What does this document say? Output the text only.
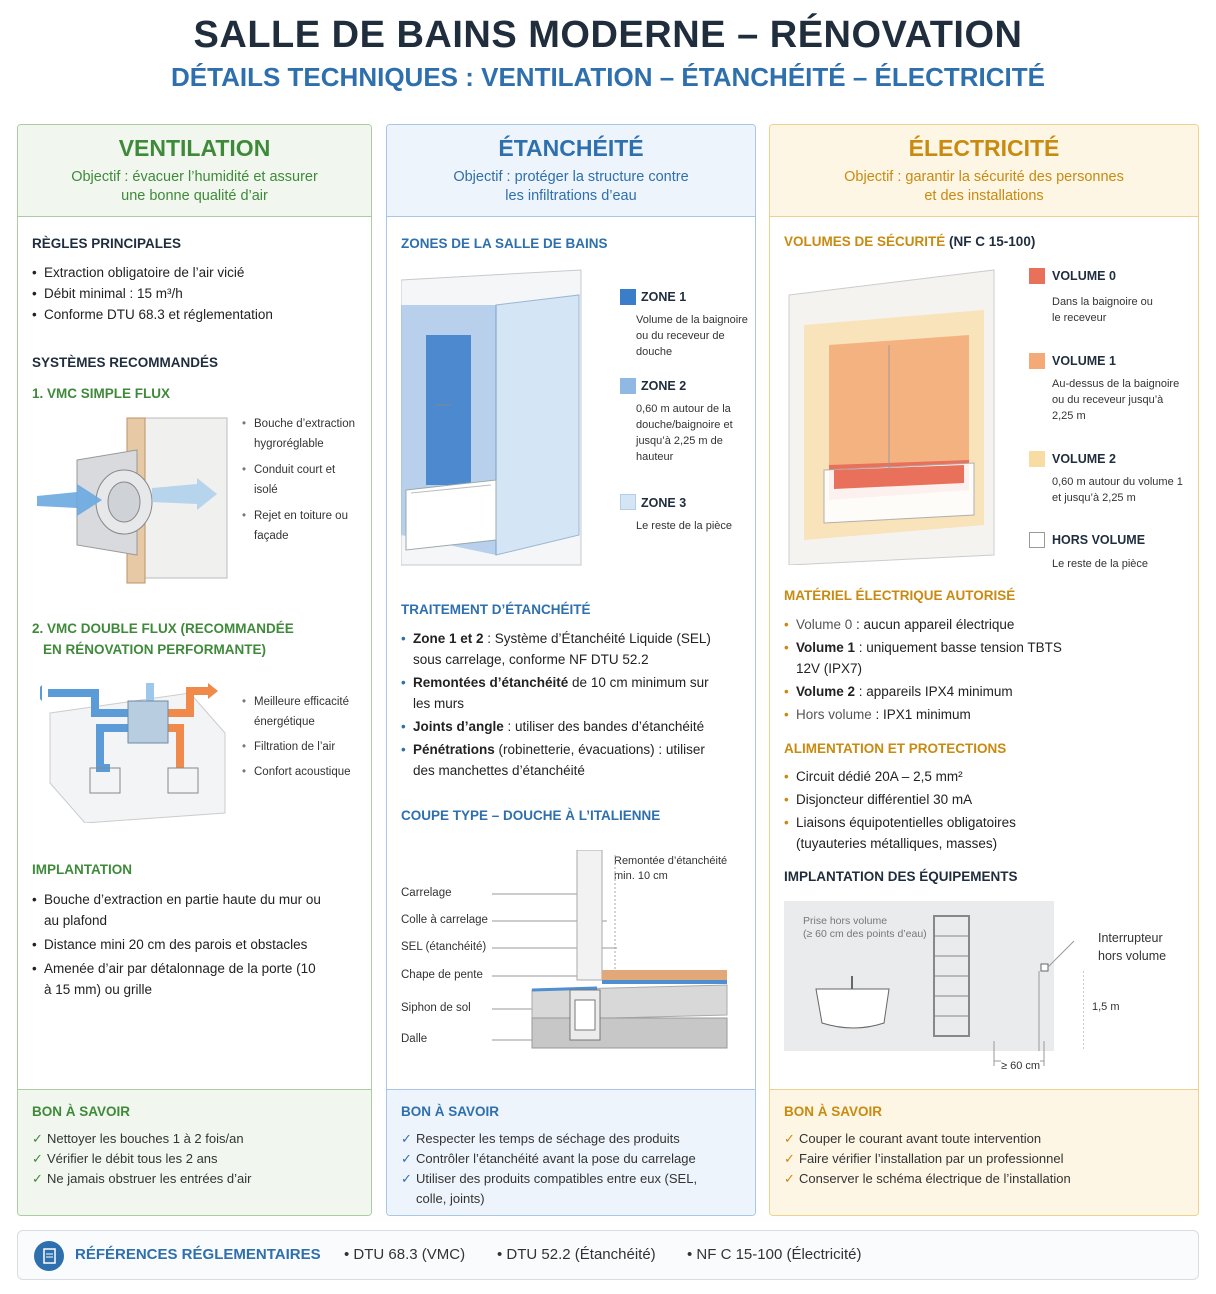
SALLE DE BAINS MODERNE – RÉNOVATION
DÉTAILS TECHNIQUES : VENTILATION – ÉTANCHÉITÉ – ÉLECTRICITÉ
VENTILATION

Objectif : évacuer l’humidité et assurer

une bonne qualité d’air

RÈGLES PRINCIPALES
• Extraction obligatoire de l’air vicié
• Débit minimal : 15 m³/h
• Conforme DTU 68.3 et réglementation
SYSTÈMES RECOMMANDÉS
1. VMC SIMPLE FLUX
• Bouche d’extraction hygroréglable
• Conduit court et isolé
• Rejet en toiture ou façade
2. VMC DOUBLE FLUX (RECOMMANDÉE
EN RÉNOVATION PERFORMANTE)
• Meilleure efficacité énergétique
• Filtration de l’air
• Confort acoustique
IMPLANTATION
• Bouche d’extraction en partie haute du mur ou au plafond
• Distance mini 20 cm des parois et obstacles
• Amenée d’air par détalonnage de la porte (10 à 15 mm) ou grille
BON À SAVOIR
✓ Nettoyer les bouches 1 à 2 fois/an
✓ Vérifier le débit tous les 2 ans
✓ Ne jamais obstruer les entrées d’air
ÉTANCHÉITÉ

Objectif : protéger la structure contre

les infiltrations d’eau

ZONES DE LA SALLE DE BAINS
ZONE 1
Volume de la baignoire ou du receveur de douche
ZONE 2
0,60 m autour de la douche/baignoire et jusqu’à 2,25 m de hauteur
ZONE 3
Le reste de la pièce
TRAITEMENT D’ÉTANCHÉITÉ
• Zone 1 et 2 : Système d’Étanchéité Liquide (SEL) sous carrelage, conforme NF DTU 52.2
• Remontées d’étanchéité de 10 cm minimum sur les murs
• Joints d’angle : utiliser des bandes d’étanchéité
• Pénétrations (robinetterie, évacuations) : utiliser des manchettes d’étanchéité
COUPE TYPE – DOUCHE À L’ITALIENNE
Carrelage
Colle à carrelage
SEL (étanchéité)
Chape de pente
Siphon de sol
Dalle
Remontée d’étanchéité
min. 10 cm
BON À SAVOIR
✓ Respecter les temps de séchage des produits
✓ Contrôler l’étanchéité avant la pose du carrelage
✓ Utiliser des produits compatibles entre eux (SEL, colle, joints)
ÉLECTRICITÉ

Objectif : garantir la sécurité des personnes

et des installations

VOLUMES DE SÉCURITÉ (NF C 15-100)
VOLUME 0
Dans la baignoire ou le receveur
VOLUME 1
Au-dessus de la baignoire ou du receveur jusqu’à 2,25 m
VOLUME 2
0,60 m autour du volume 1 et jusqu’à 2,25 m
HORS VOLUME
Le reste de la pièce
MATÉRIEL ÉLECTRIQUE AUTORISÉ
• Volume 0 : aucun appareil électrique
• Volume 1 : uniquement basse tension TBTS 12V (IPX7)
• Volume 2 : appareils IPX4 minimum
• Hors volume : IPX1 minimum
ALIMENTATION ET PROTECTIONS
• Circuit dédié 20A – 2,5 mm²
• Disjoncteur différentiel 30 mA
• Liaisons équipotentielles obligatoires (tuyauteries métalliques, masses)
IMPLANTATION DES ÉQUIPEMENTS
Prise hors volume
(≥ 60 cm des points d’eau)	Interrupteur
hors volume
1,5 m
≥ 60 cm
BON À SAVOIR
✓ Couper le courant avant toute intervention
✓ Faire vérifier l’installation par un professionnel
✓ Conserver le schéma électrique de l’installation
RÉFÉRENCES RÉGLEMENTAIRES • DTU 68.3 (VMC) • DTU 52.2 (Étanchéité) • NF C 15-100 (Électricité)
